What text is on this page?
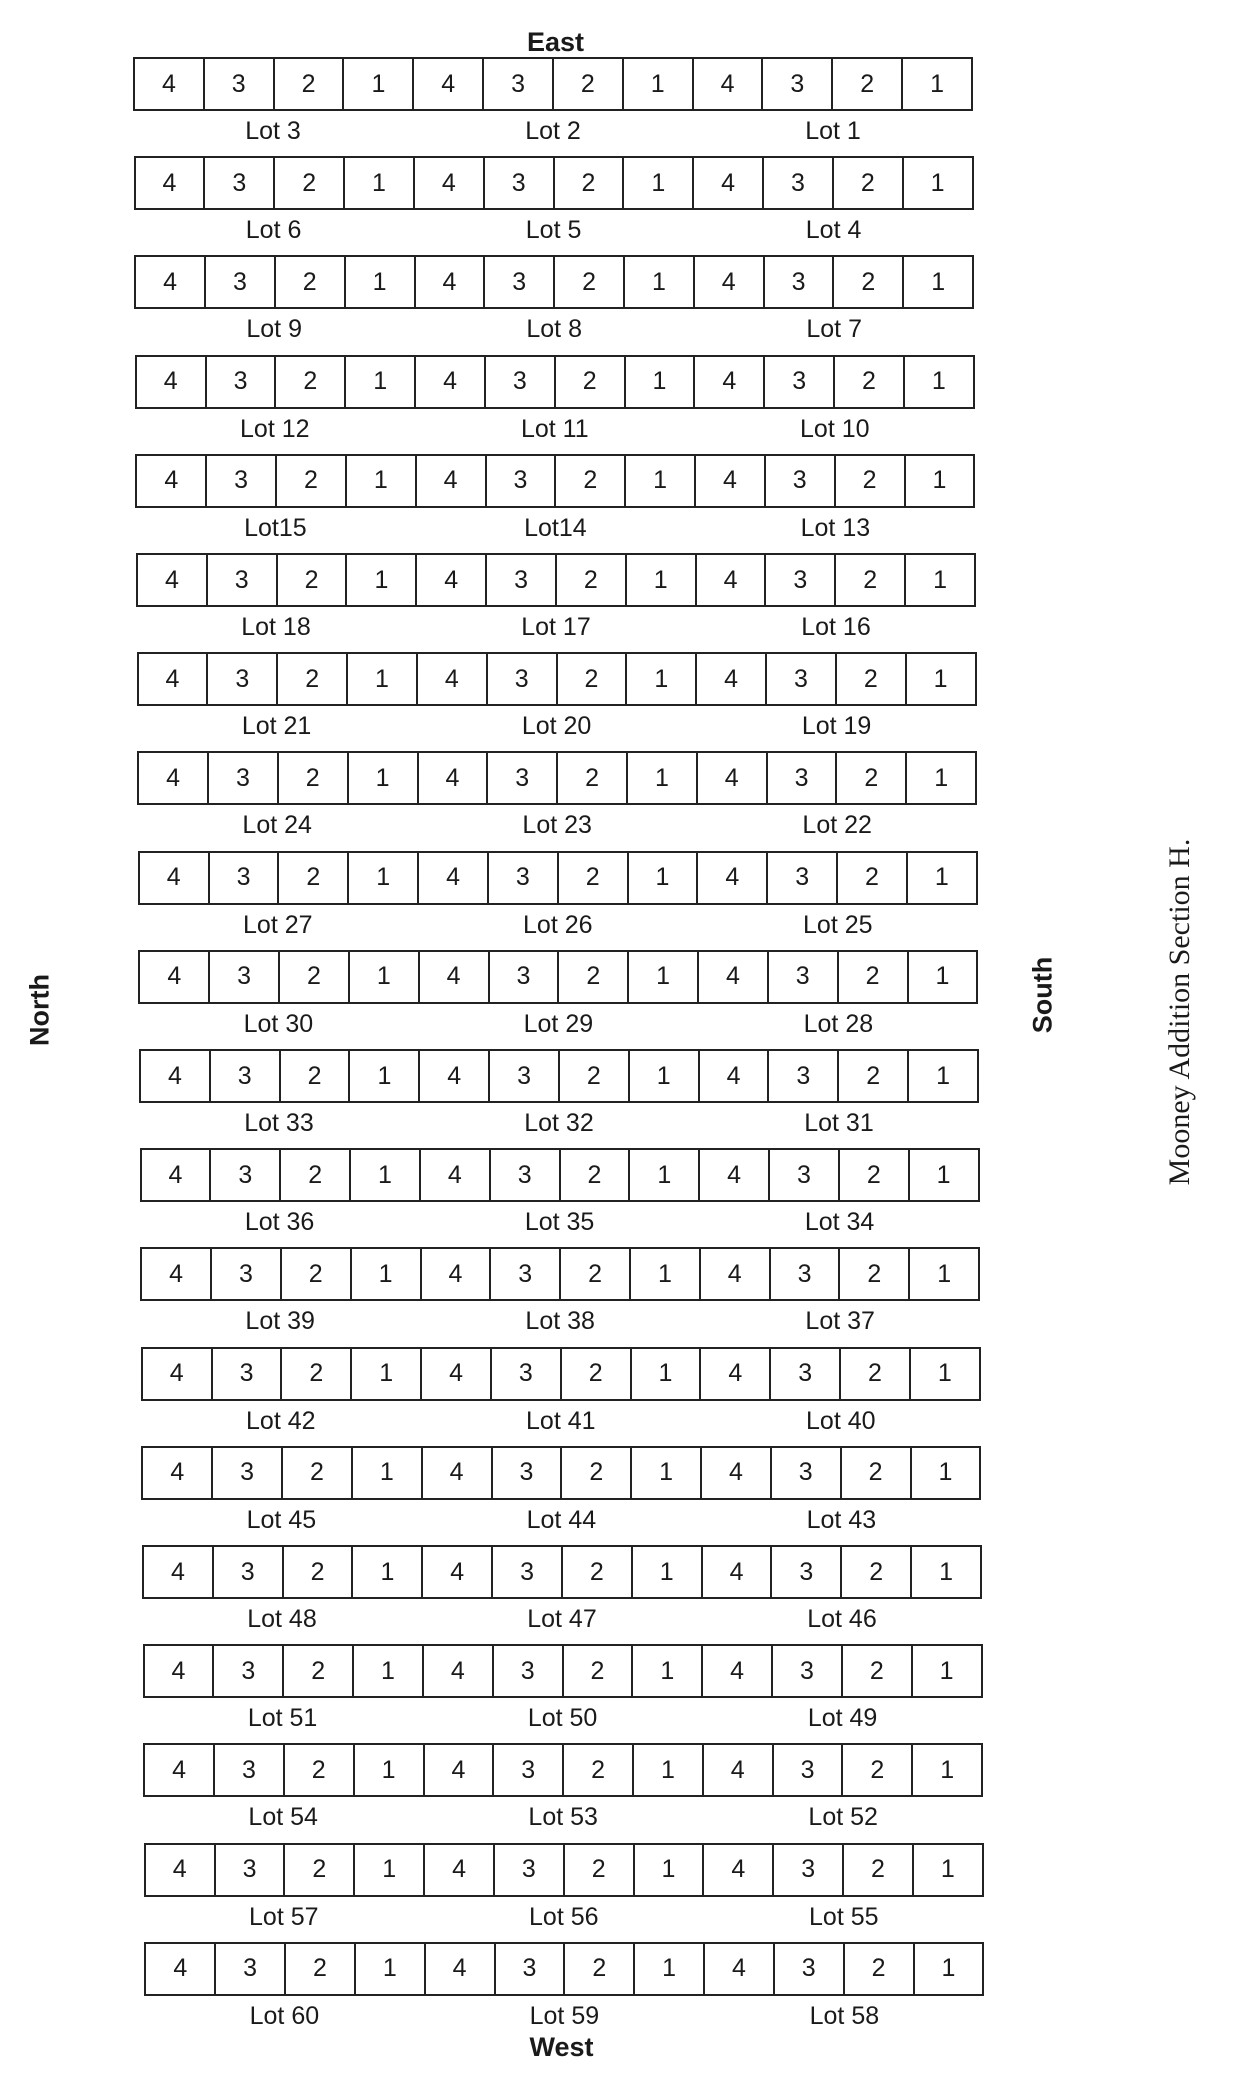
East
West
North	South	Mooney Addition Section H.
4	3	2	1	4	3	2	1	4	3	2	1
Lot 3	Lot 2	Lot 1
4	3	2	1	4	3	2	1	4	3	2	1
Lot 6	Lot 5	Lot 4
4	3	2	1	4	3	2	1	4	3	2	1
Lot 9	Lot 8	Lot 7
4	3	2	1	4	3	2	1	4	3	2	1
Lot 12	Lot 11	Lot 10
4	3	2	1	4	3	2	1	4	3	2	1
Lot15	Lot14	Lot 13
4	3	2	1	4	3	2	1	4	3	2	1
Lot 18	Lot 17	Lot 16
4	3	2	1	4	3	2	1	4	3	2	1
Lot 21	Lot 20	Lot 19
4	3	2	1	4	3	2	1	4	3	2	1
Lot 24	Lot 23	Lot 22
4	3	2	1	4	3	2	1	4	3	2	1
Lot 27	Lot 26	Lot 25
4	3	2	1	4	3	2	1	4	3	2	1
Lot 30	Lot 29	Lot 28
4	3	2	1	4	3	2	1	4	3	2	1
Lot 33	Lot 32	Lot 31
4	3	2	1	4	3	2	1	4	3	2	1
Lot 36	Lot 35	Lot 34
4	3	2	1	4	3	2	1	4	3	2	1
Lot 39	Lot 38	Lot 37
4	3	2	1	4	3	2	1	4	3	2	1
Lot 42	Lot 41	Lot 40
4	3	2	1	4	3	2	1	4	3	2	1
Lot 45	Lot 44	Lot 43
4	3	2	1	4	3	2	1	4	3	2	1
Lot 48	Lot 47	Lot 46
4	3	2	1	4	3	2	1	4	3	2	1
Lot 51	Lot 50	Lot 49
4	3	2	1	4	3	2	1	4	3	2	1
Lot 54	Lot 53	Lot 52
4	3	2	1	4	3	2	1	4	3	2	1
Lot 57	Lot 56	Lot 55
4	3	2	1	4	3	2	1	4	3	2	1
Lot 60	Lot 59	Lot 58
